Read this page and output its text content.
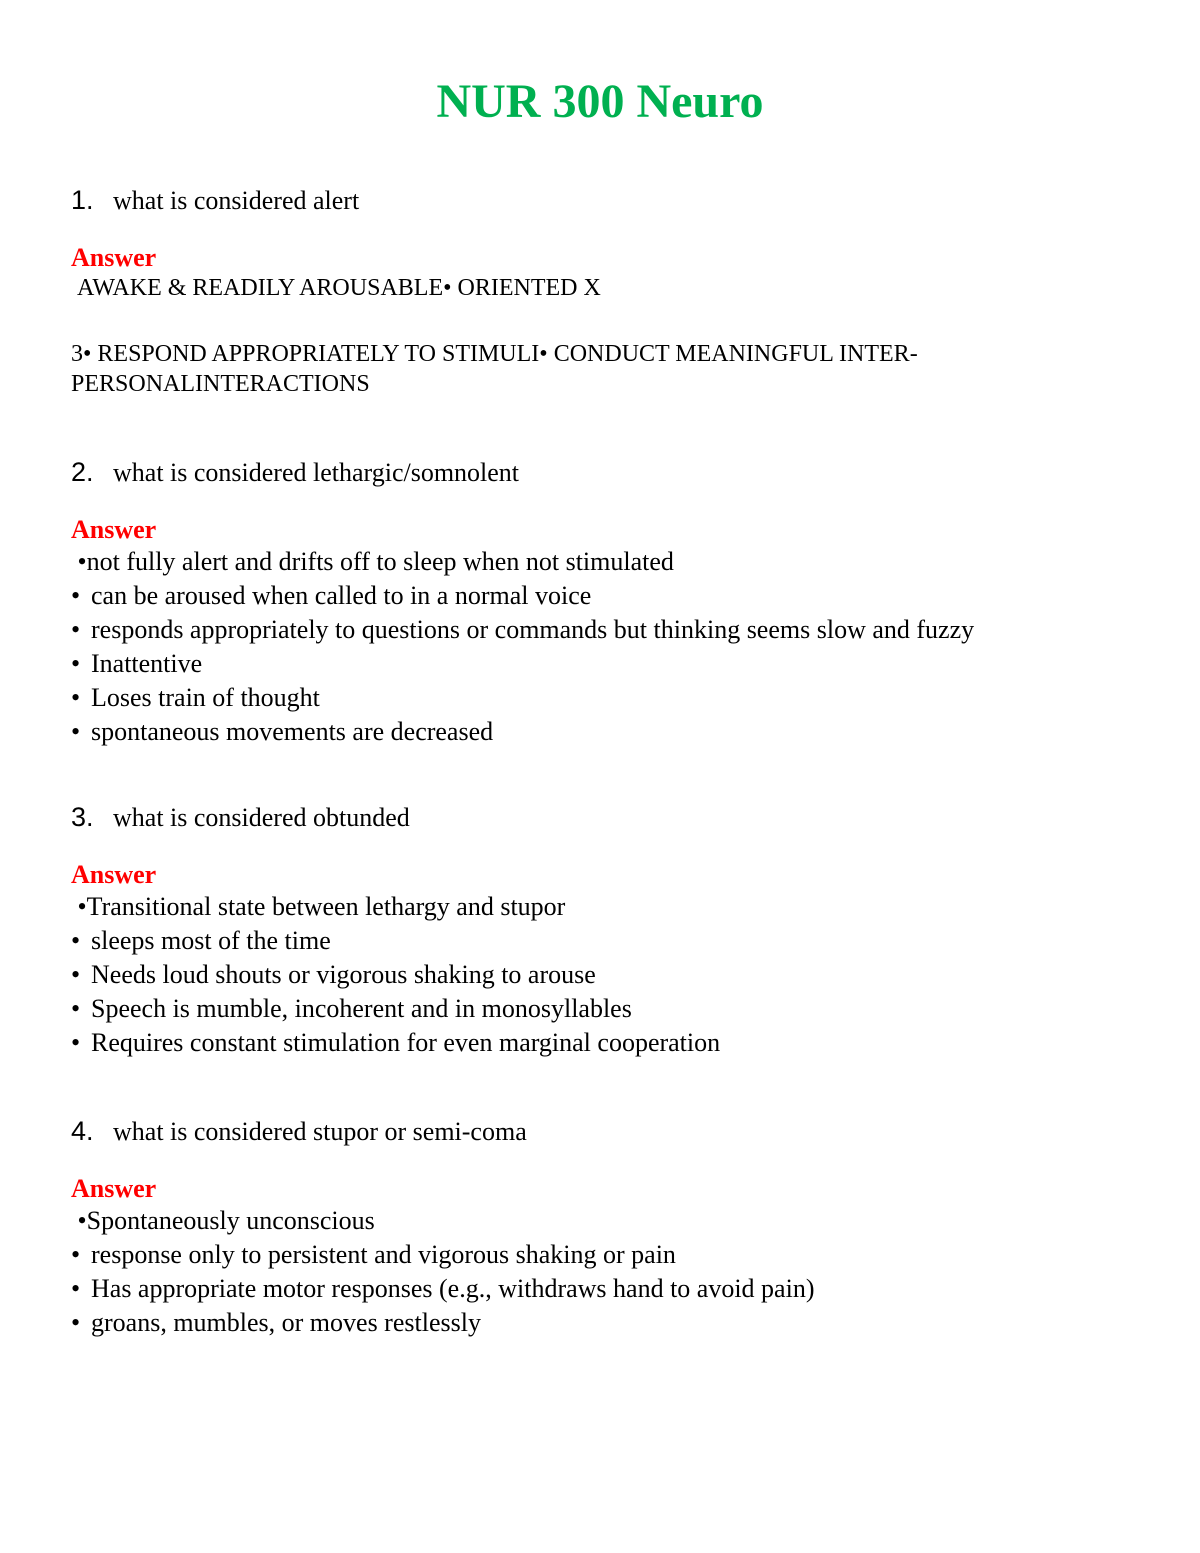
NUR 300 Neuro
1. what is considered alert
Answer
AWAKE & READILY AROUSABLE• ORIENTED X
3• RESPOND APPROPRIATELY TO STIMULI• CONDUCT MEANINGFUL INTER-
PERSONALINTERACTIONS
2. what is considered lethargic/somnolent
Answer
•not fully alert and drifts off to sleep when not stimulated
• can be aroused when called to in a normal voice
• responds appropriately to questions or commands but thinking seems slow and fuzzy
• Inattentive
• Loses train of thought
• spontaneous movements are decreased
3. what is considered obtunded
Answer
•Transitional state between lethargy and stupor
• sleeps most of the time
• Needs loud shouts or vigorous shaking to arouse
• Speech is mumble, incoherent and in monosyllables
• Requires constant stimulation for even marginal cooperation
4. what is considered stupor or semi-coma
Answer
•Spontaneously unconscious
• response only to persistent and vigorous shaking or pain
• Has appropriate motor responses (e.g., withdraws hand to avoid pain)
• groans, mumbles, or moves restlessly
